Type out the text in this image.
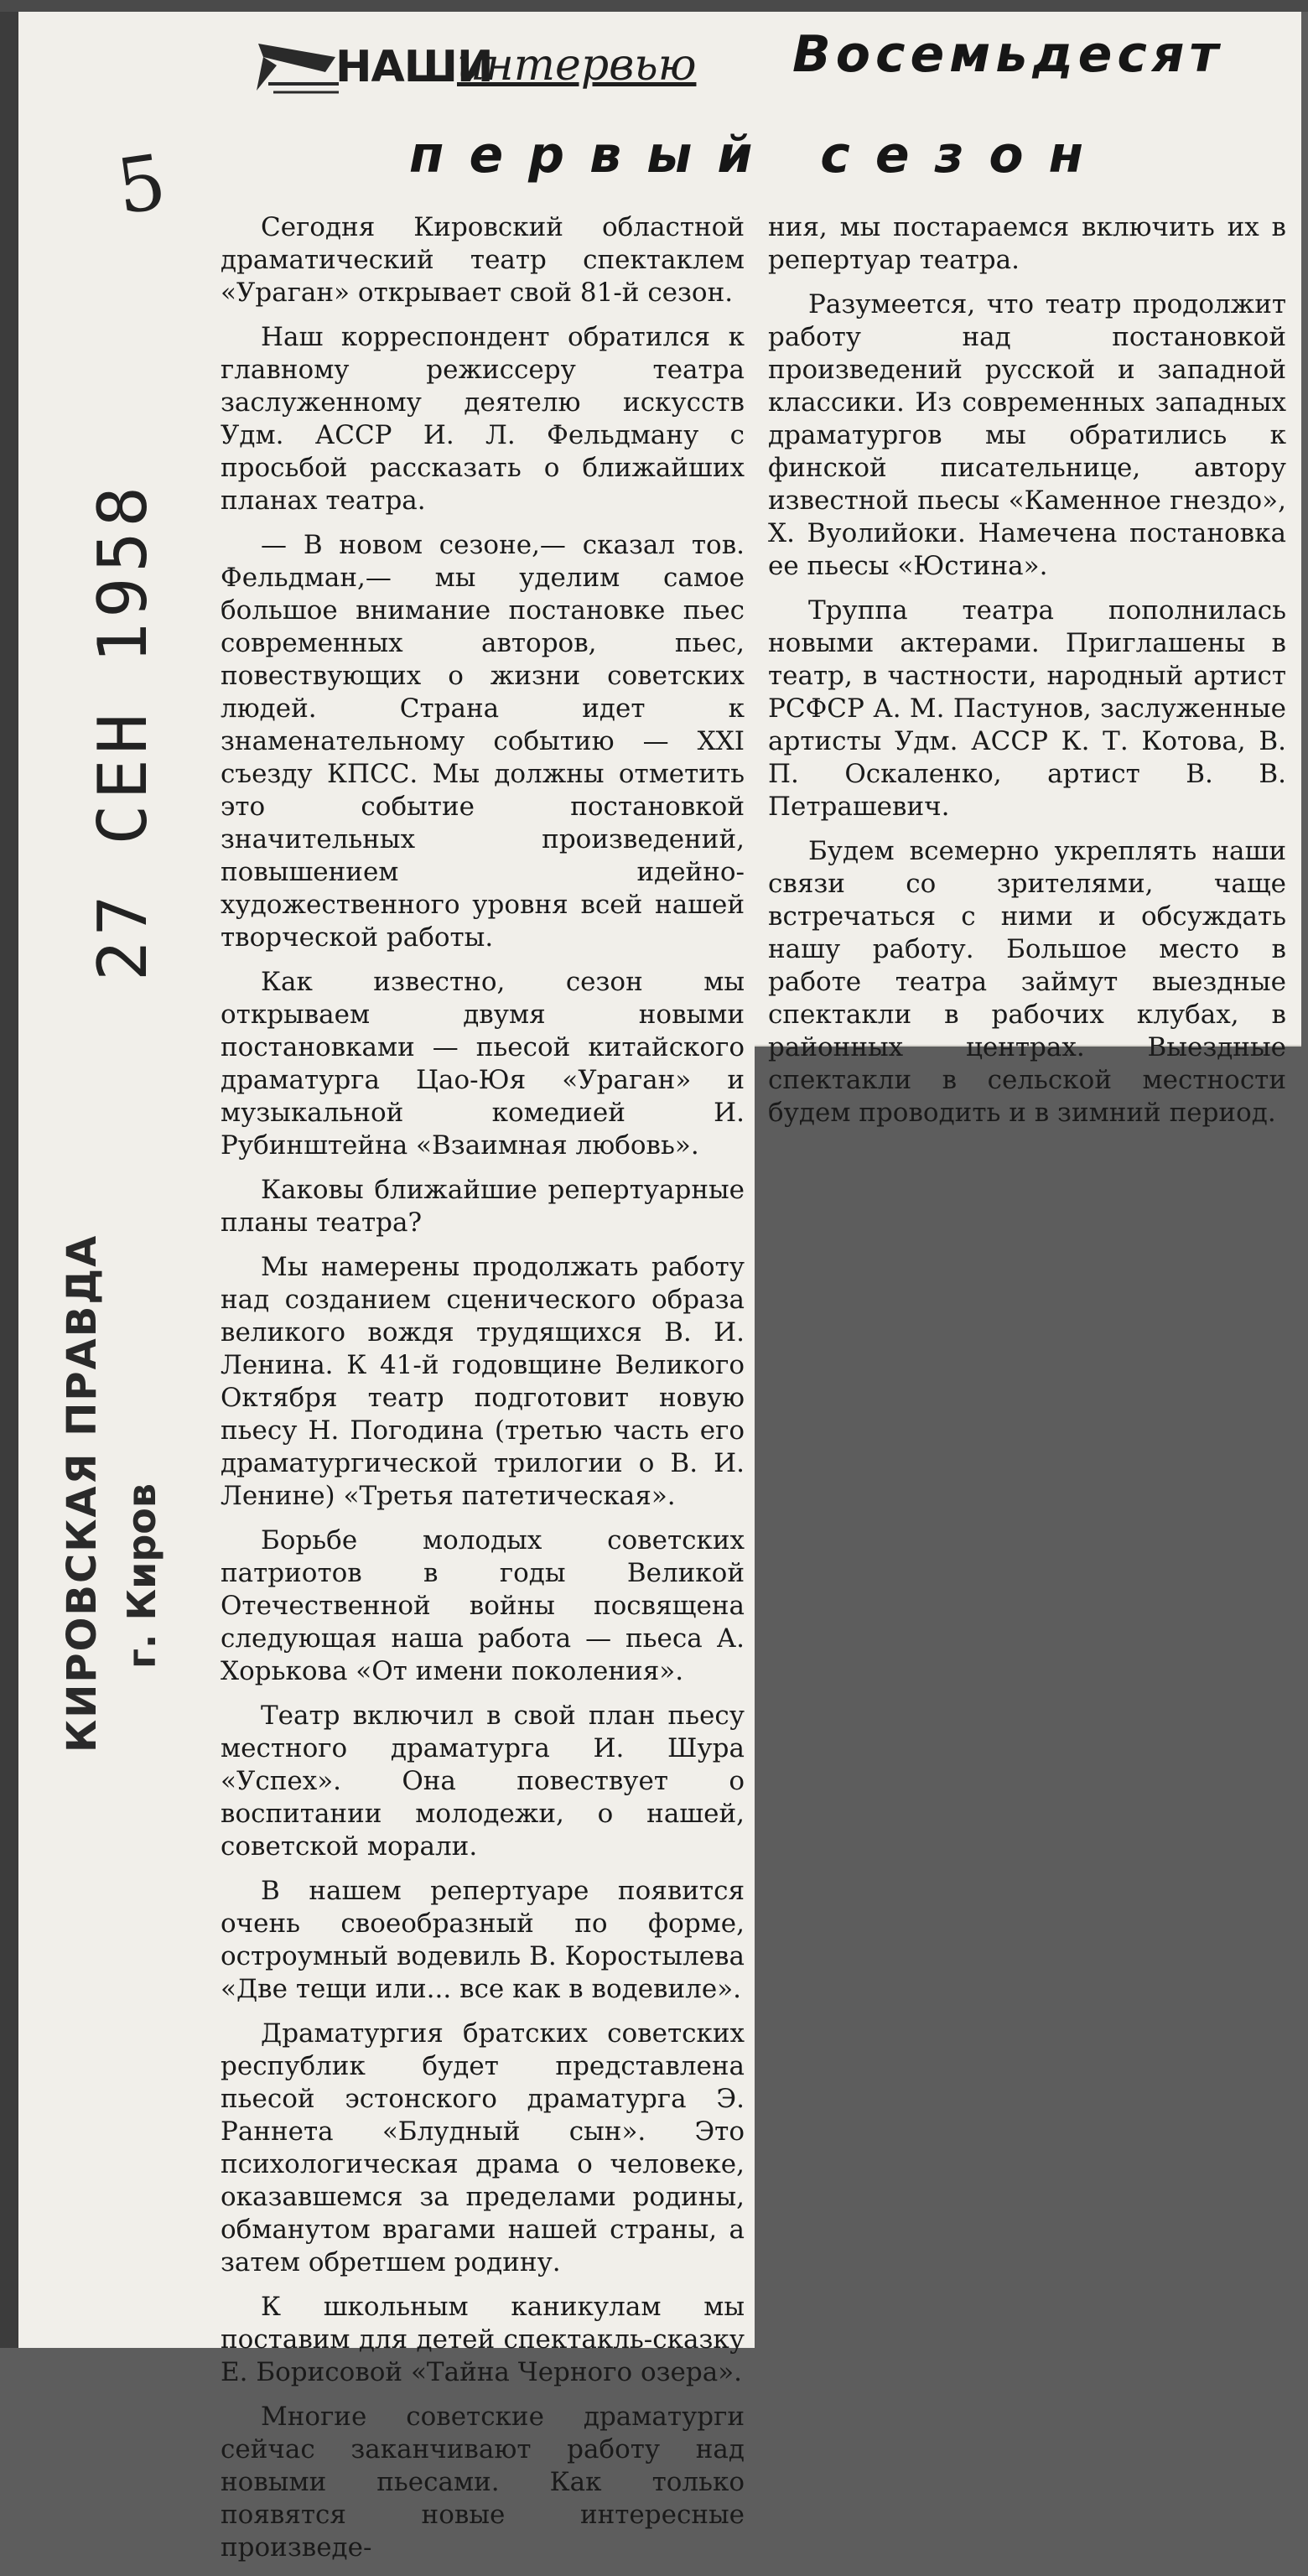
НАШИ
интервью Восемьдесят
первый сезон
5
27 СЕН 1958
КИРОВСКАЯ ПРАВДА г. Киров

Сегодня Кировский областной драматический театр спектаклем «Ураган» открывает свой 81-й сезон.

Наш корреспондент обратился к главному режиссеру театра заслуженному деятелю искусств Удм. АССР И. Л. Фельдману с просьбой рассказать о ближайших планах театра.

— В новом сезоне,— сказал тов. Фельдман,— мы уделим самое большое внимание постановке пьес современных авторов, пьес, повествующих о жизни советских людей. Страна идет к знаменательному событию — XXI съезду КПСС. Мы должны отметить это событие постановкой значительных произведений, повышением идейно-художественного уровня всей нашей творческой работы.

Как известно, сезон мы открываем двумя новыми постановками — пьесой китайского драматурга Цао-Юя «Ураган» и музыкальной комедией И. Рубинштейна «Взаимная любовь».

Каковы ближайшие репертуарные планы театра?

Мы намерены продолжать работу над созданием сценического образа великого вождя трудящихся В. И. Ленина. К 41-й годовщине Великого Октября театр подготовит новую пьесу Н. Погодина (третью часть его драматургической трилогии о В. И. Ленине) «Третья патетическая».

Борьбе молодых советских патриотов в годы Великой Отечественной войны посвящена следующая наша работа — пьеса А. Хорькова «От имени поколения».

Театр включил в свой план пьесу местного драматурга И. Шура «Успех». Она повествует о воспитании молодежи, о нашей, советской морали.

В нашем репертуаре появится очень своеобразный по форме, остроумный водевиль В. Коростылева «Две тещи или... все как в водевиле».

Драматургия братских советских республик будет представлена пьесой эстонского драматурга Э. Раннета «Блудный сын». Это психологическая драма о человеке, оказавшемся за пределами родины, обманутом врагами нашей страны, а затем обретшем родину.

К школьным каникулам мы поставим для детей спектакль-сказку Е. Борисовой «Тайна Черного озера».

Многие советские драматурги сейчас заканчивают работу над новыми пьесами. Как только появятся новые интересные произведе-

ния, мы постараемся включить их в репертуар театра.

Разумеется, что театр продолжит работу над постановкой произведений русской и западной классики. Из современных западных драматургов мы обратились к финской писательнице, автору известной пьесы «Каменное гнездо», Х. Вуолийоки. Намечена постановка ее пьесы «Юстина».

Труппа театра пополнилась новыми актерами. Приглашены в театр, в частности, народный артист РСФСР А. М. Пастунов, заслуженные артисты Удм. АССР К. Т. Котова, В. П. Оскаленко, артист В. В. Петрашевич.

Будем всемерно укреплять наши связи со зрителями, чаще встречаться с ними и обсуждать нашу работу. Большое место в работе театра займут выездные спектакли в рабочих клубах, в районных центрах. Выездные спектакли в сельской местности будем проводить и в зимний период.
